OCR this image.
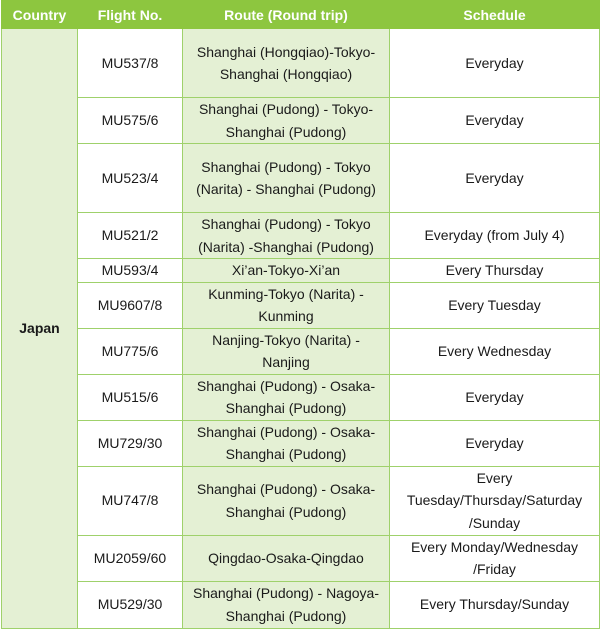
Country	Flight No.	Route (Round trip)	Schedule
Japan	MU537/8	Shanghai (Hongqiao)-Tokyo-Shanghai (Hongqiao)	Everyday
	MU575/6	Shanghai (Pudong) - Tokyo-Shanghai (Pudong)	Everyday
	MU523/4	Shanghai (Pudong) - Tokyo (Narita) - Shanghai (Pudong)	Everyday
	MU521/2	Shanghai (Pudong) - Tokyo (Narita) -Shanghai (Pudong)	Everyday (from July 4)
	MU593/4	Xi’an-Tokyo-Xi’an	Every Thursday
	MU9607/8	Kunming-Tokyo (Narita) - Kunming	Every Tuesday
	MU775/6	Nanjing-Tokyo (Narita) -Nanjing	Every Wednesday
	MU515/6	Shanghai (Pudong) - Osaka-Shanghai (Pudong)	Everyday
	MU729/30	Shanghai (Pudong) - Osaka-Shanghai (Pudong)	Everyday
	MU747/8	Shanghai (Pudong) - Osaka-Shanghai (Pudong)	Every Tuesday/Thursday/Saturday /Sunday
	MU2059/60	Qingdao-Osaka-Qingdao	Every Monday/Wednesday /Friday
	MU529/30	Shanghai (Pudong) - Nagoya-Shanghai (Pudong)	Every Thursday/Sunday
